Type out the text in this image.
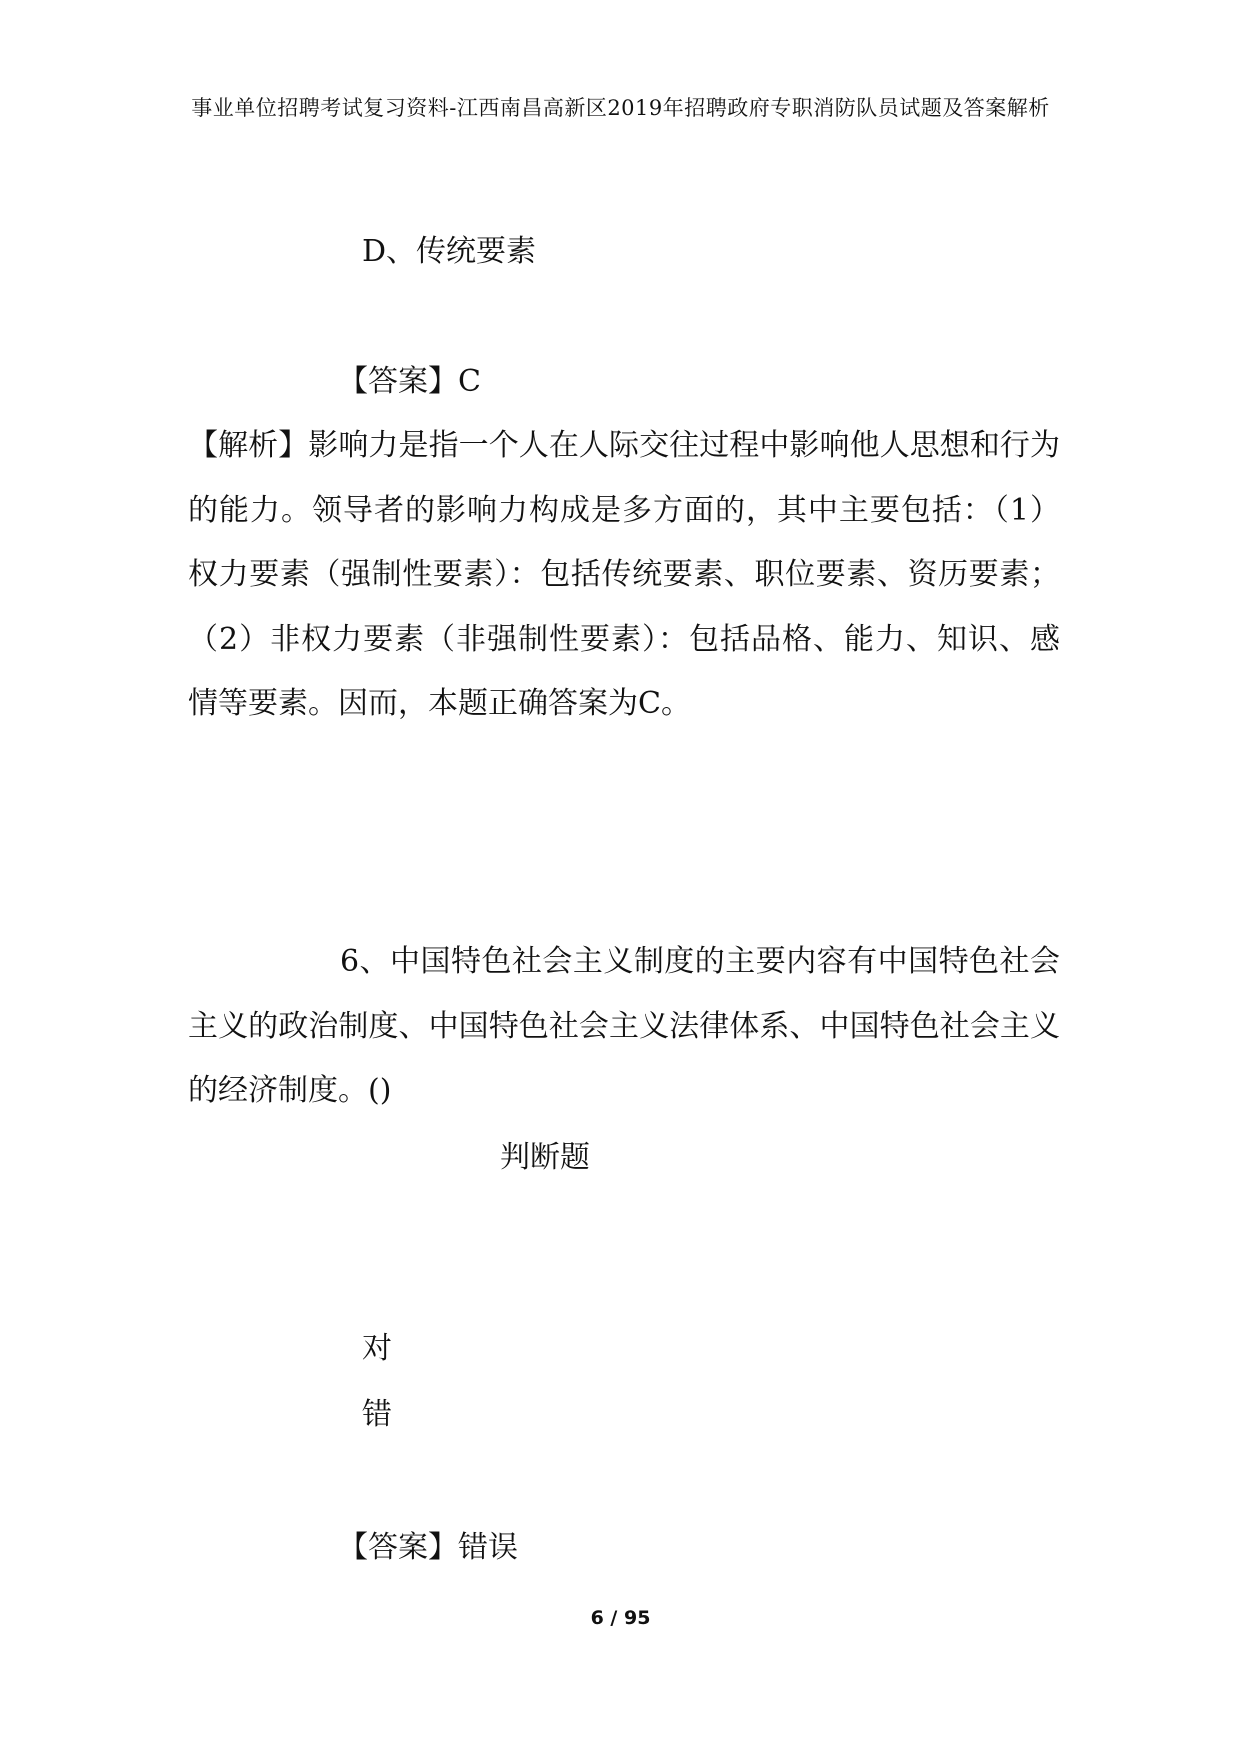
事业单位招聘考试复习资料-江西南昌高新区2019年招聘政府专职消防队员试题及答案解析
D、传统要素
【答案】C
【解析】影响力是指一个人在人际交往过程中影响他人思想和行为的能力。领导者的影响力构成是多方面的，其中主要包括：（1）权力要素（强制性要素）：包括传统要素、职位要素、资历要素；（2）非权力要素（非强制性要素）：包括品格、能力、知识、感情等要素。因而，本题正确答案为C。
6、中国特色社会主义制度的主要内容有中国特色社会主义的政治制度、中国特色社会主义法律体系、中国特色社会主义的经济制度。()
判断题
对
错
【答案】错误
6 / 95
